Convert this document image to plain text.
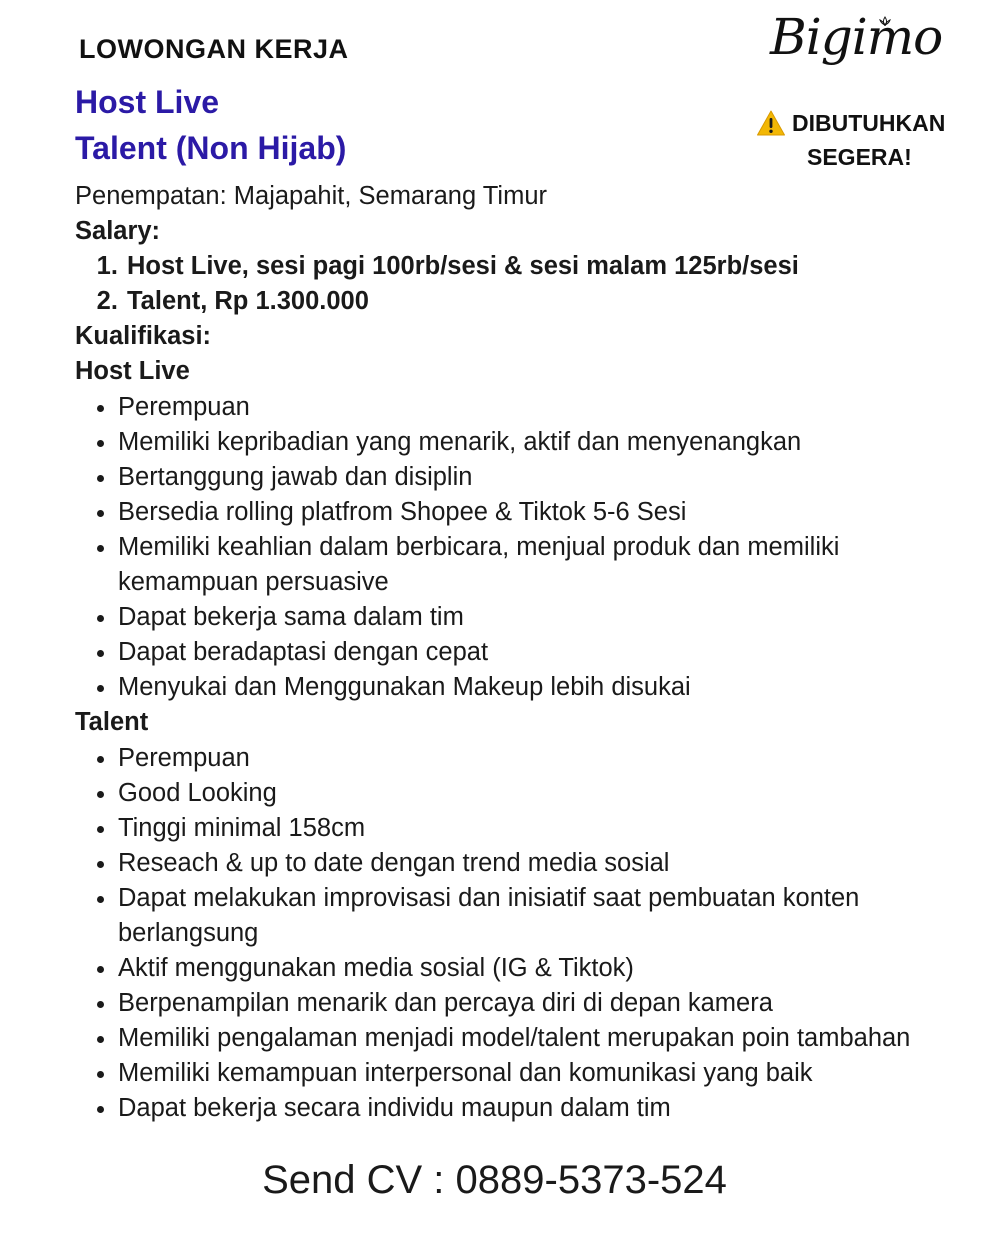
LOWONGAN KERJA
Host Live
Talent (Non Hijab)
Bigimo
DIBUTUHKAN
SEGERA!

Penempatan: Majapahit, Semarang Timur

Salary:

1. Host Live, sesi pagi 100rb/sesi & sesi malam 125rb/sesi
2. Talent, Rp 1.300.000

Kualifikasi:

Host Live

• Perempuan
• Memiliki kepribadian yang menarik, aktif dan menyenangkan
• Bertanggung jawab dan disiplin
• Bersedia rolling platfrom Shopee & Tiktok 5-6 Sesi
• Memiliki keahlian dalam berbicara, menjual produk dan memiliki kemampuan persuasive
• Dapat bekerja sama dalam tim
• Dapat beradaptasi dengan cepat
• Menyukai dan Menggunakan Makeup lebih disukai

Talent

• Perempuan
• Good Looking
• Tinggi minimal 158cm
• Reseach & up to date dengan trend media sosial
• Dapat melakukan improvisasi dan inisiatif saat pembuatan konten berlangsung
• Aktif menggunakan media sosial (IG & Tiktok)
• Berpenampilan menarik dan percaya diri di depan kamera
• Memiliki pengalaman menjadi model/talent merupakan poin tambahan
• Memiliki kemampuan interpersonal dan komunikasi yang baik
• Dapat bekerja secara individu maupun dalam tim
Send CV : 0889-5373-524
